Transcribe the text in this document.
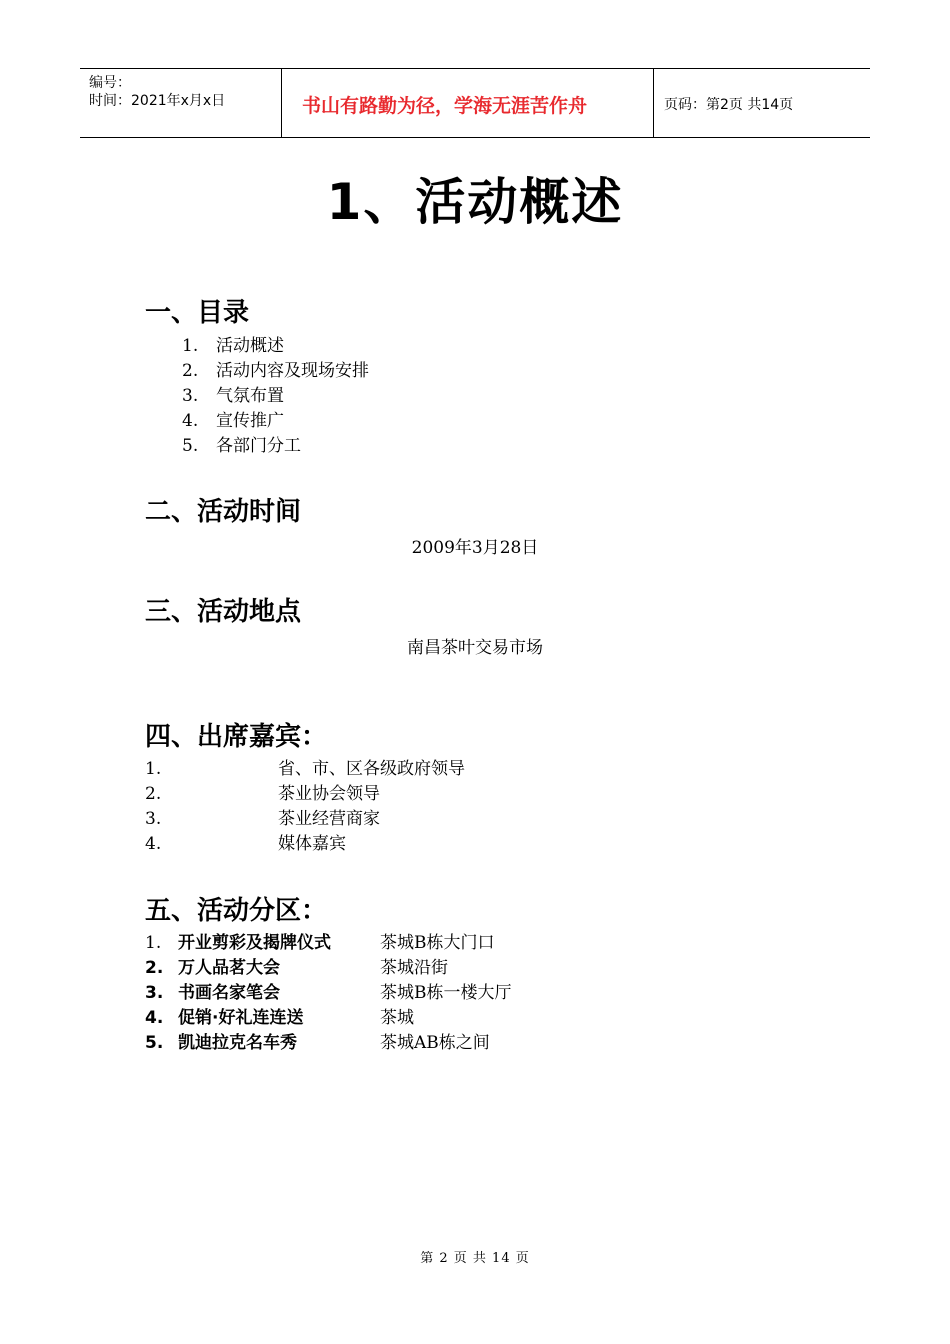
编号：
时间：2021年x月x日	书山有路勤为径，学海无涯苦作舟	页码：第2页 共14页
1、活动概述
一、目录
1.	活动概述
2.	活动内容及现场安排
3.	气氛布置
4.	宣传推广
5.	各部门分工
二、活动时间
2009年3月28日
三、活动地点
南昌茶叶交易市场
四、出席嘉宾：
1.	省、市、区各级政府领导
2.	茶业协会领导
3.	茶业经营商家
4.	媒体嘉宾
五、活动分区：
1. 开业剪彩及揭牌仪式	茶城B栋大门口
2. 万人品茗大会	茶城沿街
3. 书画名家笔会	茶城B栋一楼大厅
4. 促销·好礼连连送	茶城
5. 凯迪拉克名车秀	茶城AB栋之间
第 2 页 共 14 页
